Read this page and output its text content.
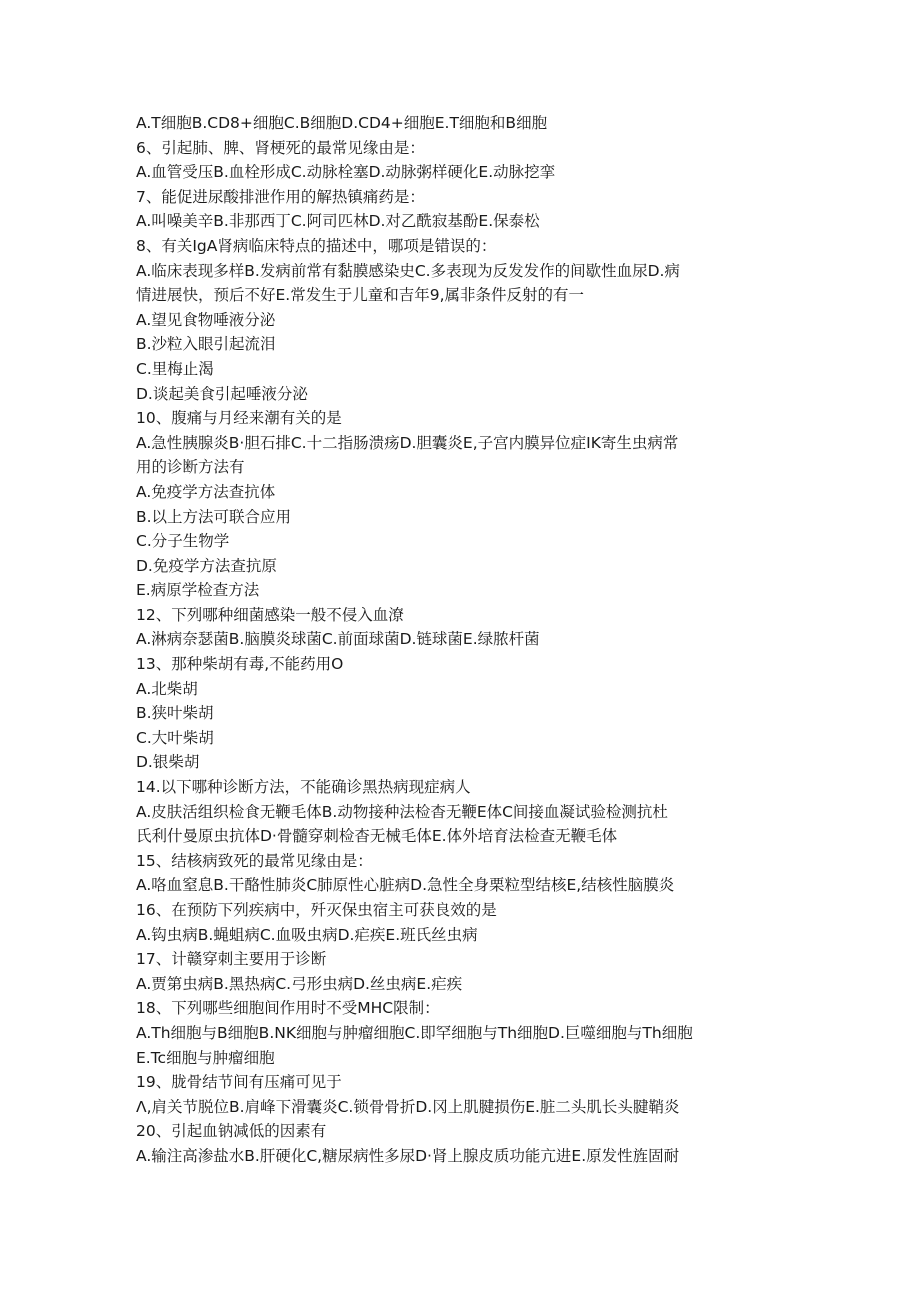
A.T细胞B.CD8+细胞C.B细胞D.CD4+细胞E.T细胞和B细胞
6、引起肺、脾、肾梗死的最常见缘由是：
A.血管受压B.血栓形成C.动脉栓塞D.动脉粥样硬化E.动脉挖挛
7、能促进尿酸排泄作用的解热镇痛药是：
A.叫噪美辛B.非那西丁C.阿司匹林D.对乙酰寂基酚E.保泰松
8、有关IgA肾病临床特点的描述中，哪项是错误的：
A.临床表现多样B.发病前常有黏膜感染史C.多表现为反发发作的间歇性血尿D.病
情进展快，预后不好E.常发生于儿童和吉年9,属非条件反射的有一
A.望见食物唾液分泌
B.沙粒入眼引起流泪
C.里梅止渴
D.谈起美食引起唾液分泌
10、腹痛与月经来潮有关的是
A.急性胰腺炎B·胆石排C.十二指肠溃疡D.胆囊炎E,子宫内膜异位症IK寄生虫病常
用的诊断方法有
A.免疫学方法查抗体
B.以上方法可联合应用
C.分子生物学
D.免疫学方法查抗原
E.病原学检查方法
12、下列哪种细菌感染一般不侵入血潦
A.淋病奈瑟菌B.脑膜炎球菌C.前面球菌D.链球菌E.绿脓杆菌
13、那种柴胡有毒,不能药用O
A.北柴胡
B.狭叶柴胡
C.大叶柴胡
D.银柴胡
14.以下哪种诊断方法，不能确诊黑热病现症病人
A.皮肤活组织检食无鞭毛体B.动物接种法检杳无鞭E体C间接血凝试验检测抗杜
氏利什曼原虫抗体D·骨髓穿刺检杳无械毛体E.体外培育法检查无鞭毛体
15、结核病致死的最常见缘由是：
A.咯血窒息B.干酪性肺炎C肺原性心脏病D.急性全身栗粒型结核E,结核性脑膜炎
16、在预防下列疾病中，歼灭保虫宿主可获良效的是
A.钩虫病B.蝇蛆病C.血吸虫病D.疟疾E.班氏丝虫病
17、计赣穿刺主要用于诊断
A.贾第虫病B.黑热病C.弓形虫病D.丝虫病E.疟疾
18、下列哪些细胞间作用时不受MHC限制：
A.Th细胞与B细胞B.NK细胞与肿瘤细胞C.即罕细胞与Th细胞D.巨噬细胞与Th细胞
E.Tc细胞与肿瘤细胞
19、胧骨结节间有压痛可见于
Λ,肩关节脱位B.肩峰下滑囊炎C.锁骨骨折D.冈上肌腱损伤E.脏二头肌长头腱鞘炎
20、引起血钠减低的因素有
A.输注高渗盐水B.肝硬化C,糖尿病性多尿D·肾上腺皮质功能亢进E.原发性旌固耐
